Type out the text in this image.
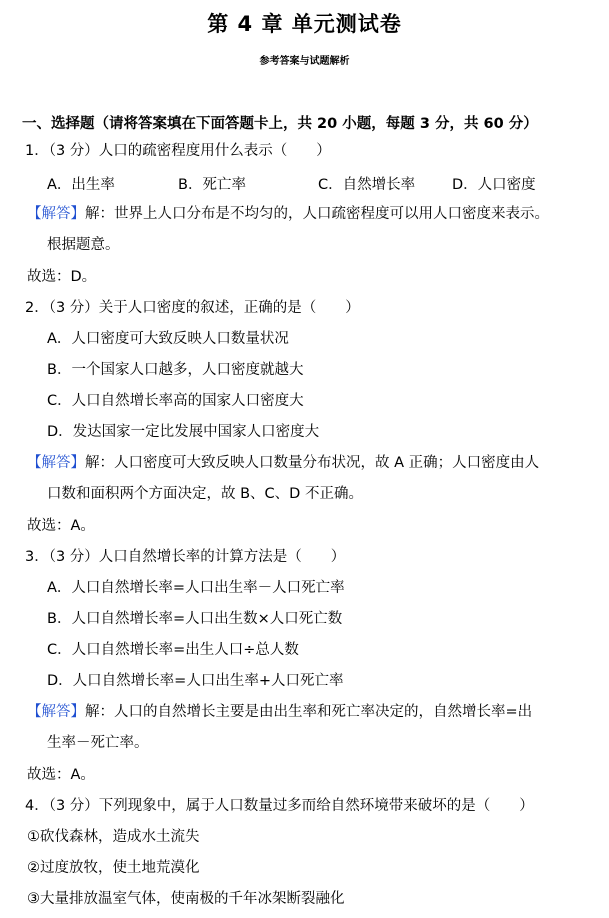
第 4 章 单元测试卷
参考答案与试题解析
一、选择题（请将答案填在下面答题卡上，共 20 小题，每题 3 分，共 60 分）
1．（3 分）人口的疏密程度用什么表示（　　）
A．出生率	B．死亡率	C．自然增长率	D．人口密度
【解答】解：世界上人口分布是不均匀的，人口疏密程度可以用人口密度来表示。
根据题意。
故选：D。
2．（3 分）关于人口密度的叙述，正确的是（　　）
A．人口密度可大致反映人口数量状况
B．一个国家人口越多，人口密度就越大
C．人口自然增长率高的国家人口密度大
D．发达国家一定比发展中国家人口密度大
【解答】解：人口密度可大致反映人口数量分布状况，故 A 正确；人口密度由人
口数和面积两个方面决定，故 B、C、D 不正确。
故选：A。
3．（3 分）人口自然增长率的计算方法是（　　）
A．人口自然增长率=人口出生率－人口死亡率
B．人口自然增长率=人口出生数×人口死亡数
C．人口自然增长率=出生人口÷总人数
D．人口自然增长率=人口出生率+人口死亡率
【解答】解：人口的自然增长主要是由出生率和死亡率决定的，自然增长率=出
生率－死亡率。
故选：A。
4．（3 分）下列现象中，属于人口数量过多而给自然环境带来破坏的是（　　）
①砍伐森林，造成水土流失
②过度放牧，使土地荒漠化
③大量排放温室气体，使南极的千年冰架断裂融化
